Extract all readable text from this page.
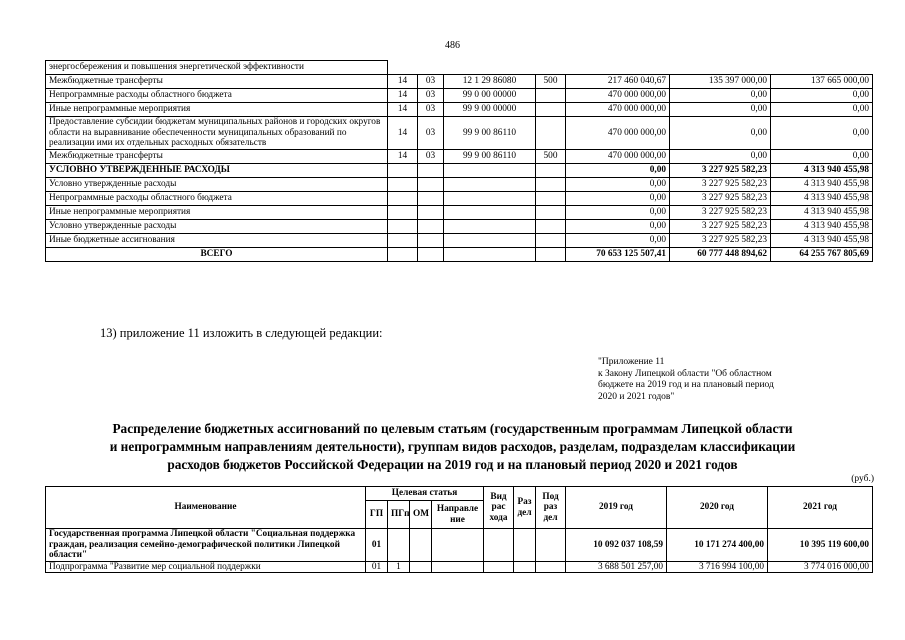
486
энергосбережения и повышения энергетической эффективности							
Межбюджетные трансферты	14	03	12 1 29 86080	500	217 460 040,67	135 397 000,00	137 665 000,00
Непрограммные расходы областного бюджета	14	03	99 0 00 00000		470 000 000,00	0,00	0,00
Иные непрограммные мероприятия	14	03	99 9 00 00000		470 000 000,00	0,00	0,00
Предоставление субсидии бюджетам муниципальных районов и городских округов области на выравнивание обеспеченности муниципальных образований по реализации ими их отдельных расходных обязательств	14	03	99 9 00 86110		470 000 000,00	0,00	0,00
Межбюджетные трансферты	14	03	99 9 00 86110	500	470 000 000,00	0,00	0,00
УСЛОВНО УТВЕРЖДЕННЫЕ РАСХОДЫ					0,00	3 227 925 582,23	4 313 940 455,98
Условно утвержденные расходы					0,00	3 227 925 582,23	4 313 940 455,98
Непрограммные расходы областного бюджета					0,00	3 227 925 582,23	4 313 940 455,98
Иные непрограммные мероприятия					0,00	3 227 925 582,23	4 313 940 455,98
Условно утвержденные расходы					0,00	3 227 925 582,23	4 313 940 455,98
Иные бюджетные ассигнования					0,00	3 227 925 582,23	4 313 940 455,98
ВСЕГО					70 653 125 507,41	60 777 448 894,62	64 255 767 805,69
13) приложение 11 изложить в следующей редакции:
"Приложение 11
к Закону Липецкой области "Об областном
бюджете на 2019 год и на плановый период
2020 и 2021 годов"
Распределение бюджетных ассигнований по целевым статьям (государственным программам Липецкой области
и непрограммным направлениям деятельности), группам видов расходов, разделам, подразделам классификации
расходов бюджетов Российской Федерации на 2019 год и на плановый период 2020 и 2021 годов
(руб.)
Наименование	Целевая статья				Вид рас хода	Раз дел	Под раз дел	2019 год	2020 год	2021 год
	ГП	ПГп	ОМ	Направле ние						
Государственная программа Липецкой области "Социальная поддержка граждан, реализация семейно-демографической политики Липецкой области"	01							10 092 037 108,59	10 171 274 400,00	10 395 119 600,00
Подпрограмма "Развитие мер социальной поддержки	01	1						3 688 501 257,00	3 716 994 100,00	3 774 016 000,00
